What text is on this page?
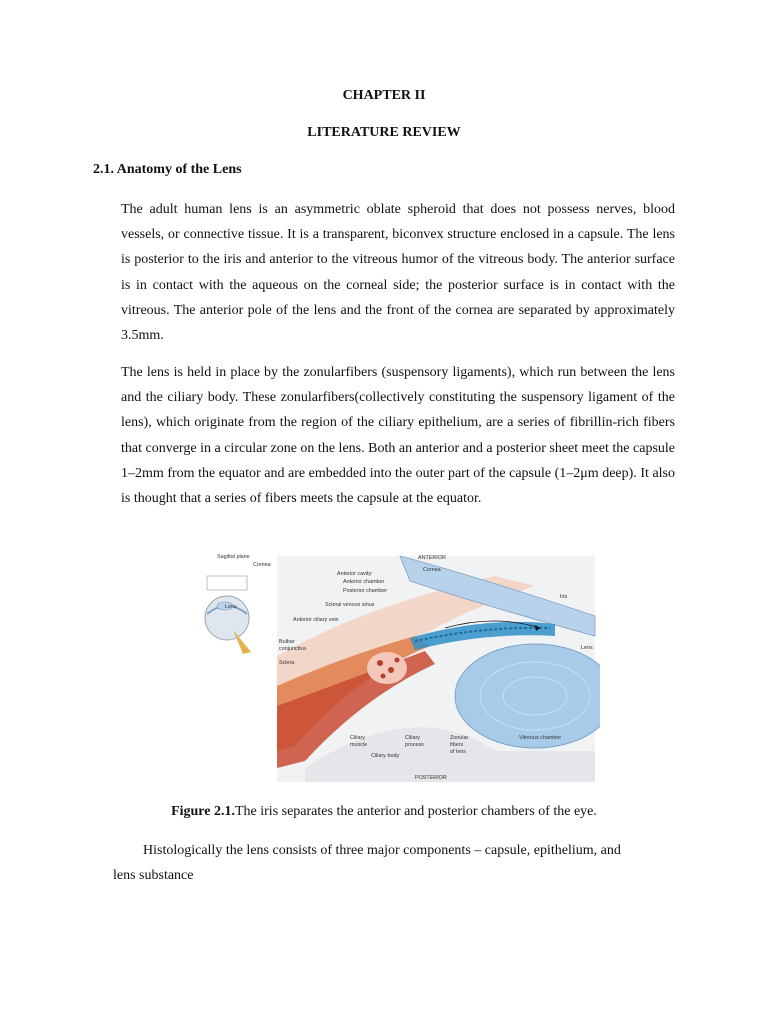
CHAPTER II
LITERATURE REVIEW
2.1. Anatomy of the Lens

The adult human lens is an asymmetric oblate spheroid that does not possess nerves, blood vessels, or connective tissue. It is a transparent, biconvex structure enclosed in a capsule. The lens is posterior to the iris and anterior to the vitreous humor of the vitreous body. The anterior surface is in contact with the aqueous on the corneal side; the posterior surface is in contact with the vitreous. The anterior pole of the lens and the front of the cornea are separated by approximately 3.5mm.

The lens is held in place by the zonularfibers (suspensory ligaments), which run between the lens and the ciliary body. These zonularfibers(collectively constituting the suspensory ligament of the lens), which originate from the region of the ciliary epithelium, are a series of fibrillin-rich fibers that converge in a circular zone on the lens. Both an anterior and a posterior sheet meet the capsule 1–2mm from the equator and are embedded into the outer part of the capsule (1–2μm deep). It also is thought that a series of fibers meets the capsule at the equator.

Sagittal plane
Cornea
Lens
ANTERIOR
Cornea
Anterior cavity:
Anterior chamber
Posterior chamber
Scleral venous sinus
Iris
Anterior ciliary vein
Bulbar
conjunctiva
Sclera
Lens
Ciliary
muscle
Ciliary
process
Zonular
fibers
of lens
Vitreous chamber
Ciliary body
POSTERIOR
Figure 2.1.The iris separates the anterior and posterior chambers of the eye.

Histologically the lens consists of three major components – capsule, epithelium, and
lens substance
